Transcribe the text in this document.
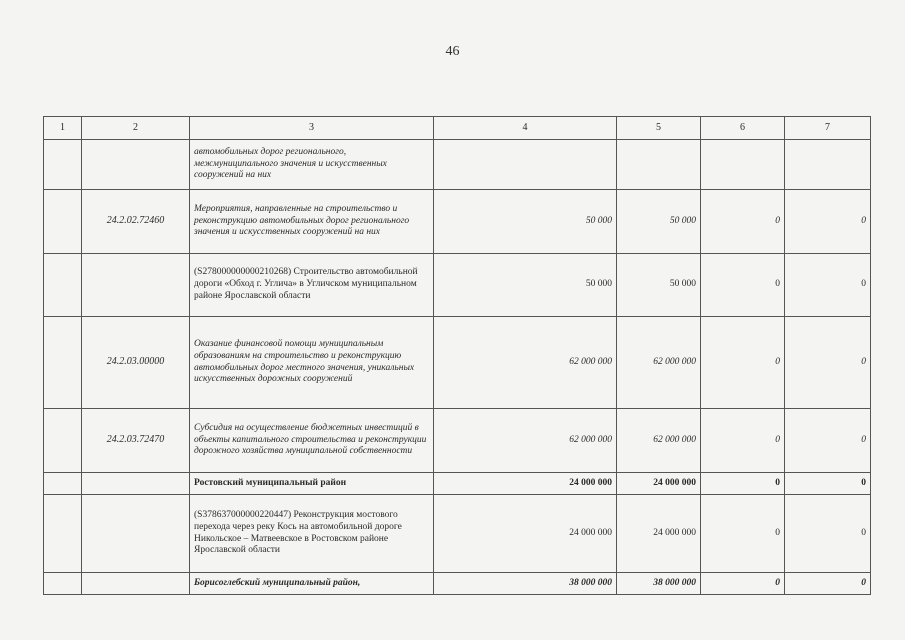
46
1	2	3	4	5	6	7
		автомобильных дорог регионального, межмуниципального значения и искусственных сооружений на них				
	24.2.02.72460	Мероприятия, направленные на строительство и реконструкцию автомобильных дорог регионального значения и искусственных сооружений на них	50 000	50 000	0	0
		(S278000000000210268) Строительство автомобильной дороги «Обход г. Углича» в Угличском муниципальном районе Ярославской области	50 000	50 000	0	0
	24.2.03.00000	Оказание финансовой помощи муниципальным образованиям на строительство и реконструкцию автомобильных дорог местного значения, уникальных искусственных дорожных сооружений	62 000 000	62 000 000	0	0
	24.2.03.72470	Субсидия на осуществление бюджетных инвестиций в объекты капитального строительства и реконструкции дорожного хозяйства муниципальной собственности	62 000 000	62 000 000	0	0
		Ростовский муниципальный район	24 000 000	24 000 000	0	0
		(S378637000000220447) Реконструкция мостового перехода через реку Кось на автомобильной дороге Никольское – Матвеевское в Ростовском районе Ярославской области	24 000 000	24 000 000	0	0
		Борисоглебский муниципальный район,	38 000 000	38 000 000	0	0
